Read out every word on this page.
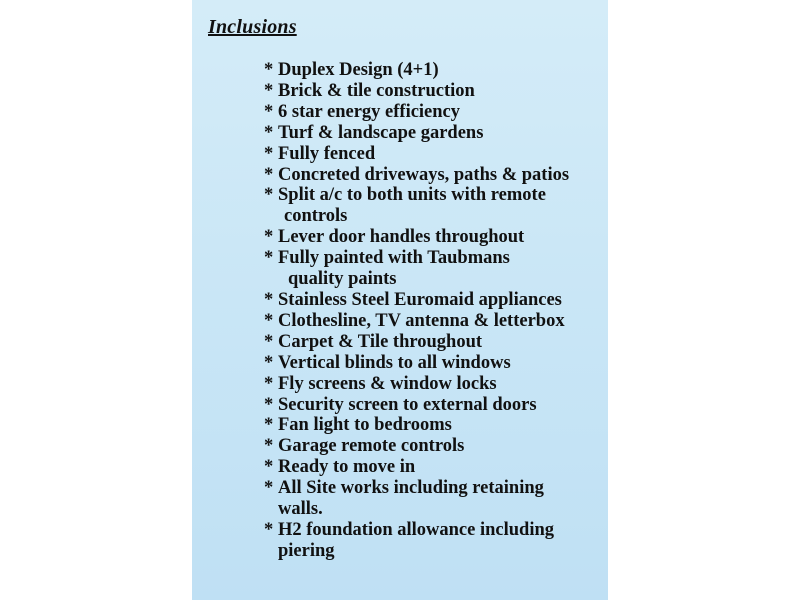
Inclusions
* Duplex Design (4+1)
* Brick & tile construction
* 6 star energy efficiency
* Turf & landscape gardens
* Fully fenced
* Concreted driveways, paths & patios
* Split a/c to both units with remote
controls
* Lever door handles throughout
* Fully painted with Taubmans
quality paints
* Stainless Steel Euromaid appliances
* Clothesline, TV antenna & letterbox
* Carpet & Tile throughout
* Vertical blinds to all windows
* Fly screens & window locks
* Security screen to external doors
* Fan light to bedrooms
* Garage remote controls
* Ready to move in
* All Site works including retaining
walls.
* H2 foundation allowance including
piering
